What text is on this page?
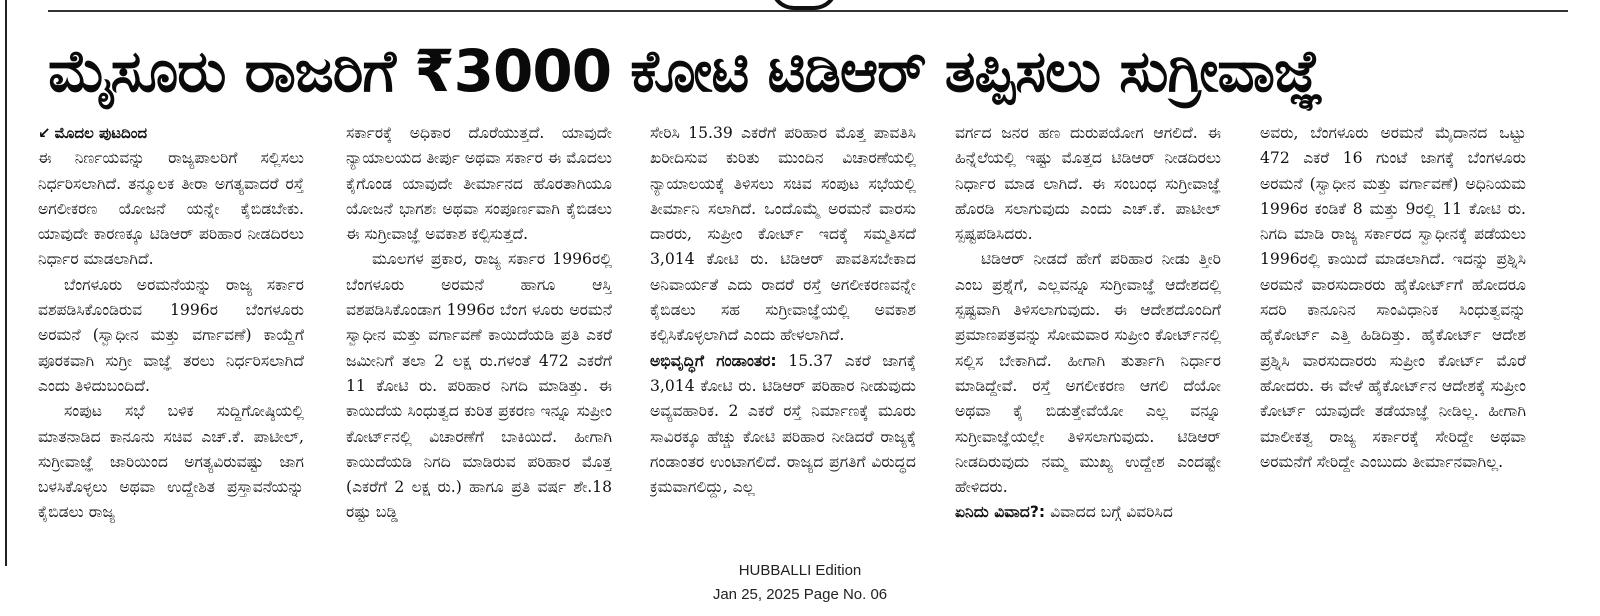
ಮೈಸೂರು ರಾಜರಿಗೆ ₹3000 ಕೋಟಿ ಟಿಡಿಆರ್ ತಪ್ಪಿಸಲು ಸುಗ್ರೀವಾಜ್ಞೆ

↙ ಮೊದಲ ಪುಟದಿಂದ

ಈ ನಿರ್ಣಯವನ್ನು ರಾಜ್ಯಪಾಲರಿಗೆ ಸಲ್ಲಿಸಲು ನಿರ್ಧರಿಸಲಾಗಿದೆ. ತನ್ಮೂಲಕ ತೀರಾ ಅಗತ್ಯವಾದರೆ ರಸ್ತೆ ಅಗಲೀಕರಣ ಯೋಜನೆ ಯನ್ನೇ ಕೈಬಿಡಬೇಕು. ಯಾವುದೇ ಕಾರಣಕ್ಕೂ ಟಿಡಿಆರ್ ಪರಿಹಾರ ನೀಡದಿರಲು ನಿರ್ಧಾರ ಮಾಡಲಾಗಿದೆ.

ಬೆಂಗಳೂರು ಅರಮನೆಯನ್ನು ರಾಜ್ಯ ಸರ್ಕಾರ ವಶಪಡಿಸಿಕೊಂಡಿರುವ 1996ರ ಬೆಂಗಳೂರು ಅರಮನೆ (ಸ್ವಾಧೀನ ಮತ್ತು ವರ್ಗಾವಣೆ) ಕಾಯ್ದೆಗೆ ಪೂರಕವಾಗಿ ಸುಗ್ರೀ ವಾಜ್ಞೆ ತರಲು ನಿರ್ಧರಿಸಲಾಗಿದೆ ಎಂದು ತಿಳಿದುಬಂದಿದೆ.

ಸಂಪುಟ ಸಭೆ ಬಳಿಕ ಸುದ್ದಿಗೋಷ್ಠಿಯಲ್ಲಿ ಮಾತನಾಡಿದ ಕಾನೂನು ಸಚಿವ ಎಚ್.ಕೆ. ಪಾಟೀಲ್, ಸುಗ್ರೀವಾಜ್ಞೆ ಜಾರಿಯಿಂದ ಅಗತ್ಯವಿರುವಷ್ಟು ಜಾಗ ಬಳಸಿಕೊಳ್ಳಲು ಅಥವಾ ಉದ್ದೇಶಿತ ಪ್ರಸ್ತಾವನೆಯನ್ನು ಕೈಬಿಡಲು ರಾಜ್ಯ

ಸರ್ಕಾರಕ್ಕೆ ಅಧಿಕಾರ ದೊರೆಯುತ್ತದೆ. ಯಾವುದೇ ನ್ಯಾಯಾಲಯದ ತೀರ್ಪು ಅಥವಾ ಸರ್ಕಾರ ಈ ಮೊದಲು ಕೈಗೊಂಡ ಯಾವುದೇ ತೀರ್ಮಾನದ ಹೊರತಾಗಿಯೂ ಯೋಜನೆ ಭಾಗಶಃ ಅಥವಾ ಸಂಪೂರ್ಣವಾಗಿ ಕೈಬಿಡಲು ಈ ಸುಗ್ರೀವಾಜ್ಞೆ ಅವಕಾಶ ಕಲ್ಪಿಸುತ್ತದೆ.

ಮೂಲಗಳ ಪ್ರಕಾರ, ರಾಜ್ಯ ಸರ್ಕಾರ 1996ರಲ್ಲಿ ಬೆಂಗಳೂರು ಅರಮನೆ ಹಾಗೂ ಆಸ್ತಿ ವಶಪಡಿಸಿಕೊಂಡಾಗ 1996ರ ಬೆಂಗ ಳೂರು ಅರಮನೆ ಸ್ವಾಧೀನ ಮತ್ತು ವರ್ಗಾವಣೆ ಕಾಯಿದೆಯಡಿ ಪ್ರತಿ ಎಕರೆ ಜಮೀನಿಗೆ ತಲಾ 2 ಲಕ್ಷ ರು.ಗಳಂತೆ 472 ಎಕರೆಗೆ 11 ಕೋಟಿ ರು. ಪರಿಹಾರ ನಿಗದಿ ಮಾಡಿತ್ತು. ಈ ಕಾಯಿದೆಯ ಸಿಂಧುತ್ವದ ಕುರಿತ ಪ್ರಕರಣ ಇನ್ನೂ ಸುಪ್ರೀಂ ಕೋರ್ಟ್‌ನಲ್ಲಿ ವಿಚಾರಣೆಗೆ ಬಾಕಿಯಿದೆ. ಹೀಗಾಗಿ ಕಾಯಿದೆಯಡಿ ನಿಗದಿ ಮಾಡಿರುವ ಪರಿಹಾರ ಮೊತ್ತ (ಎಕರೆಗೆ 2 ಲಕ್ಷ ರು.) ಹಾಗೂ ಪ್ರತಿ ವರ್ಷ ಶೇ.18 ರಷ್ಟು ಬಡ್ಡಿ

ಸೇರಿಸಿ 15.39 ಎಕರೆಗೆ ಪರಿಹಾರ ಮೊತ್ತ ಪಾವತಿಸಿ ಖರೀದಿಸುವ ಕುರಿತು ಮುಂದಿನ ವಿಚಾರಣೆಯಲ್ಲಿ ನ್ಯಾಯಾಲಯಕ್ಕೆ ತಿಳಿಸಲು ಸಚಿವ ಸಂಪುಟ ಸಭೆಯಲ್ಲಿ ತೀರ್ಮಾನಿ ಸಲಾಗಿದೆ. ಒಂದೊಮ್ಮೆ ಅರಮನೆ ವಾರಸು ದಾರರು, ಸುಪ್ರೀಂ ಕೋರ್ಟ್ ಇದಕ್ಕೆ ಸಮ್ಮತಿಸದೆ 3,014 ಕೋಟಿ ರು. ಟಿಡಿಆರ್ ಪಾವತಿಸಬೇಕಾದ ಅನಿವಾರ್ಯತೆ ಎದು ರಾದರೆ ರಸ್ತೆ ಅಗಲೀಕರಣವನ್ನೇ ಕೈಬಿಡಲು ಸಹ ಸುಗ್ರೀವಾಜ್ಞೆಯಲ್ಲಿ ಅವಕಾಶ ಕಲ್ಪಿಸಿಕೊಳ್ಳಲಾಗಿದೆ ಎಂದು ಹೇಳಲಾಗಿದೆ.

ಅಭಿವೃದ್ಧಿಗೆ ಗಂಡಾಂತರ: 15.37 ಎಕರೆ ಜಾಗಕ್ಕೆ 3,014 ಕೋಟಿ ರು. ಟಿಡಿಆರ್ ಪರಿಹಾರ ನೀಡುವುದು ಅವ್ಯವಹಾರಿಕ. 2 ಎಕರೆ ರಸ್ತೆ ನಿರ್ಮಾಣಕ್ಕೆ ಮೂರು ಸಾವಿರಕ್ಕೂ ಹೆಚ್ಚು ಕೋಟಿ ಪರಿಹಾರ ನೀಡಿದರೆ ರಾಜ್ಯಕ್ಕೆ ಗಂಡಾಂತರ ಉಂಟಾಗಲಿದೆ. ರಾಜ್ಯದ ಪ್ರಗತಿಗೆ ವಿರುದ್ಧದ ಕ್ರಮವಾಗಲಿದ್ದು, ಎಲ್ಲ

ವರ್ಗದ ಜನರ ಹಣ ದುರುಪಯೋಗ ಆಗಲಿದೆ. ಈ ಹಿನ್ನೆಲೆಯಲ್ಲಿ ಇಷ್ಟು ಮೊತ್ತದ ಟಿಡಿಆರ್ ನೀಡದಿರಲು ನಿರ್ಧಾರ ಮಾಡ ಲಾಗಿದೆ. ಈ ಸಂಬಂಧ ಸುಗ್ರೀವಾಜ್ಞೆ ಹೊರಡಿ ಸಲಾಗುವುದು ಎಂದು ಎಚ್.ಕೆ. ಪಾಟೀಲ್ ಸ್ಪಷ್ಟಪಡಿಸಿದರು.

ಟಿಡಿಆರ್ ನೀಡದೆ ಹೇಗೆ ಪರಿಹಾರ ನೀಡು ತ್ತೀರಿ ಎಂಬ ಪ್ರಶ್ನೆಗೆ, ಎಲ್ಲವನ್ನೂ ಸುಗ್ರೀವಾಜ್ಞೆ ಆದೇಶದಲ್ಲಿ ಸ್ಪಷ್ಟವಾಗಿ ತಿಳಿಸಲಾಗುವುದು. ಈ ಆದೇಶದೊಂದಿಗೆ ಪ್ರಮಾಣಪತ್ರವನ್ನು ಸೋಮವಾರ ಸುಪ್ರೀಂ ಕೋರ್ಟ್‌ನಲ್ಲಿ ಸಲ್ಲಿಸ ಬೇಕಾಗಿದೆ. ಹೀಗಾಗಿ ತುರ್ತಾಗಿ ನಿರ್ಧಾರ ಮಾಡಿದ್ದೇವೆ. ರಸ್ತೆ ಅಗಲೀಕರಣ ಆಗಲಿ ದೆಯೋ ಅಥವಾ ಕೈ ಬಿಡುತ್ತೇವೆಯೋ ಎಲ್ಲ ವನ್ನೂ ಸುಗ್ರೀವಾಜ್ಞೆಯಲ್ಲೇ ತಿಳಿಸಲಾಗುವುದು. ಟಿಡಿಆರ್ ನೀಡದಿರುವುದು ನಮ್ಮ ಮುಖ್ಯ ಉದ್ದೇಶ ಎಂದಷ್ಟೇ ಹೇಳಿದರು.

ಏನಿದು ವಿವಾದ?: ವಿವಾದದ ಬಗ್ಗೆ ವಿವರಿಸಿದ

ಅವರು, ಬೆಂಗಳೂರು ಅರಮನೆ ಮೈದಾನದ ಒಟ್ಟು 472 ಎಕರೆ 16 ಗುಂಟೆ ಜಾಗಕ್ಕೆ ಬೆಂಗಳೂರು ಅರಮನೆ (ಸ್ವಾಧೀನ ಮತ್ತು ವರ್ಗಾವಣೆ) ಅಧಿನಿಯಮ 1996ರ ಕಂಡಿಕೆ 8 ಮತ್ತು 9ರಲ್ಲಿ 11 ಕೋಟಿ ರು. ನಿಗದಿ ಮಾಡಿ ರಾಜ್ಯ ಸರ್ಕಾರದ ಸ್ವಾಧೀನಕ್ಕೆ ಪಡೆಯಲು 1996ರಲ್ಲಿ ಕಾಯಿದೆ ಮಾಡಲಾಗಿದೆ. ಇದನ್ನು ಪ್ರಶ್ನಿಸಿ ಅರಮನೆ ವಾರಸುದಾರರು ಹೈಕೋರ್ಟ್‌ಗೆ ಹೋದರೂ ಸದರಿ ಕಾನೂನಿನ ಸಾಂವಿಧಾನಿಕ ಸಿಂಧುತ್ವವನ್ನು ಹೈಕೋರ್ಟ್ ಎತ್ತಿ ಹಿಡಿದಿತ್ತು. ಹೈಕೋರ್ಟ್ ಆದೇಶ ಪ್ರಶ್ನಿಸಿ ವಾರಸುದಾರರು ಸುಪ್ರೀಂ ಕೋರ್ಟ್ ಮೊರೆ ಹೋದರು. ಈ ವೇಳೆ ಹೈಕೋರ್ಟ್‌ನ ಆದೇಶಕ್ಕೆ ಸುಪ್ರೀಂ ಕೋರ್ಟ್ ಯಾವುದೇ ತಡೆಯಾಜ್ಞೆ ನೀಡಿಲ್ಲ. ಹೀಗಾಗಿ ಮಾಲೀಕತ್ವ ರಾಜ್ಯ ಸರ್ಕಾರಕ್ಕೆ ಸೇರಿದ್ದೇ ಅಥವಾ ಅರಮನೆಗೆ ಸೇರಿದ್ದೇ ಎಂಬುದು ತೀರ್ಮಾನವಾಗಿಲ್ಲ.

HUBBALLI Edition
Jan 25, 2025 Page No. 06
